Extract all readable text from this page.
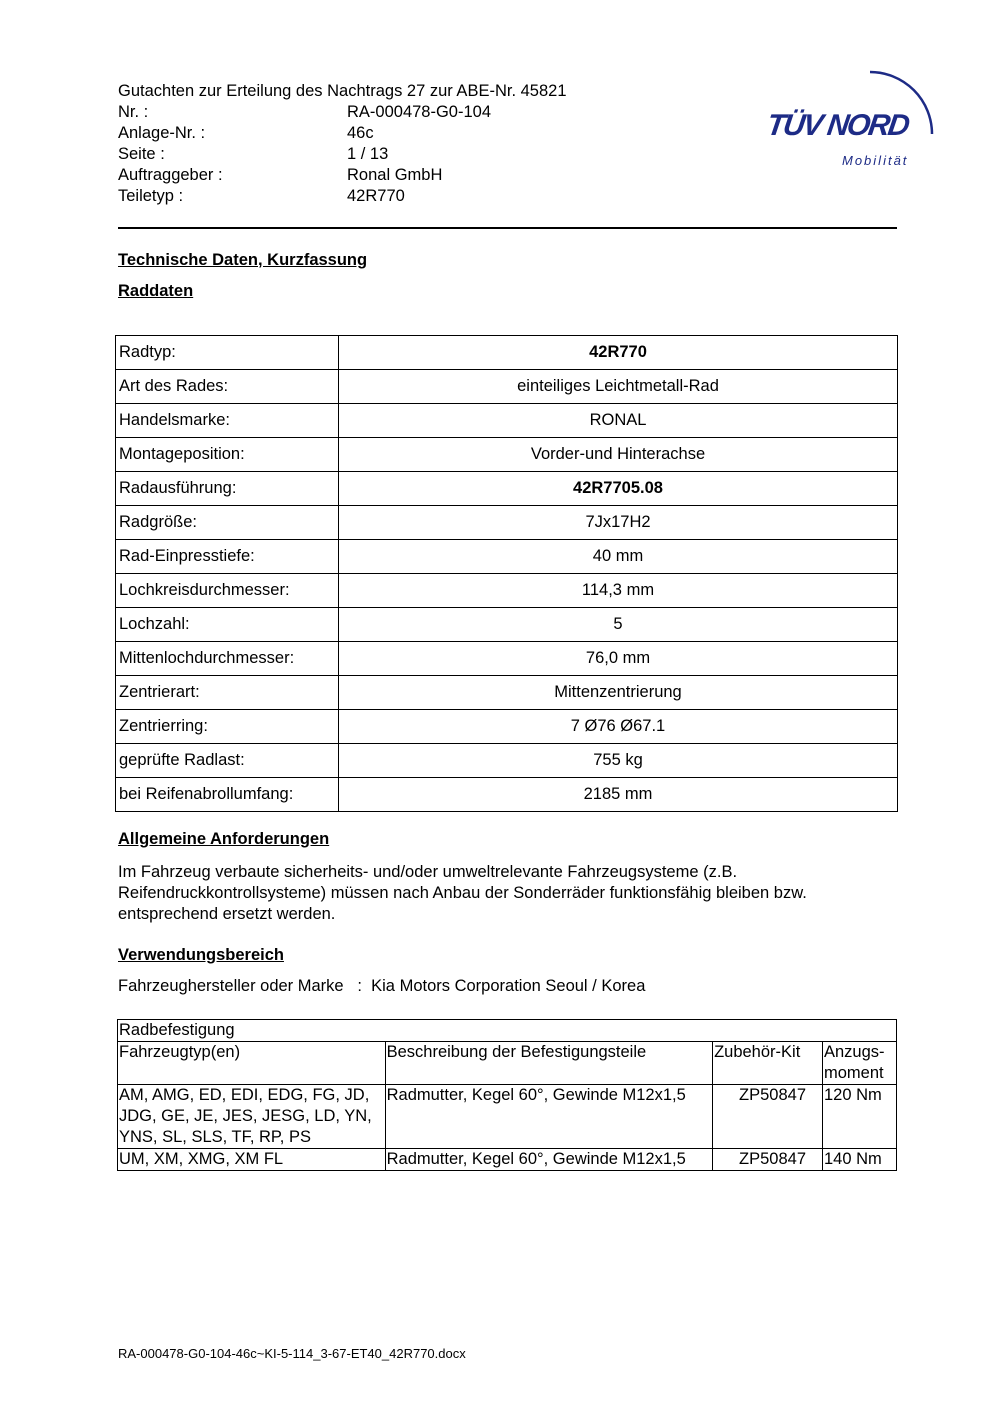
Gutachten zur Erteilung des Nachtrags 27 zur ABE-Nr. 45821
Nr. :	RA-000478-G0-104
Anlage-Nr. :	46c
Seite :	1 / 13
Auftraggeber :	Ronal GmbH
Teiletyp :	42R770
TÜV NORD
Mobilität
Technische Daten, Kurzfassung
Raddaten
Radtyp:	42R770
Art des Rades:	einteiliges Leichtmetall-Rad
Handelsmarke:	RONAL
Montageposition:	Vorder-und Hinterachse
Radausführung:	42R7705.08
Radgröße:	7Jx17H2
Rad-Einpresstiefe:	40 mm
Lochkreisdurchmesser:	114,3 mm
Lochzahl:	5
Mittenlochdurchmesser:	76,0 mm
Zentrierart:	Mittenzentrierung
Zentrierring:	7 Ø76 Ø67.1
geprüfte Radlast:	755 kg
bei Reifenabrollumfang:	2185 mm
Allgemeine Anforderungen
Im Fahrzeug verbaute sicherheits- und/oder umweltrelevante Fahrzeugsysteme (z.B. Reifendruckkontrollsysteme) müssen nach Anbau der Sonderräder funktionsfähig bleiben bzw. entsprechend ersetzt werden.
Verwendungsbereich
Fahrzeughersteller oder Marke : Kia Motors Corporation Seoul / Korea
Radbefestigung			
Fahrzeugtyp(en)	Beschreibung der Befestigungsteile	Zubehör-Kit	Anzugs-moment
AM, AMG, ED, EDI, EDG, FG, JD, JDG, GE, JE, JES, JESG, LD, YN, YNS, SL, SLS, TF, RP, PS	Radmutter, Kegel 60°, Gewinde M12x1,5	ZP50847	120 Nm
UM, XM, XMG, XM FL	Radmutter, Kegel 60°, Gewinde M12x1,5	ZP50847	140 Nm
RA-000478-G0-104-46c~KI-5-114_3-67-ET40_42R770.docx
